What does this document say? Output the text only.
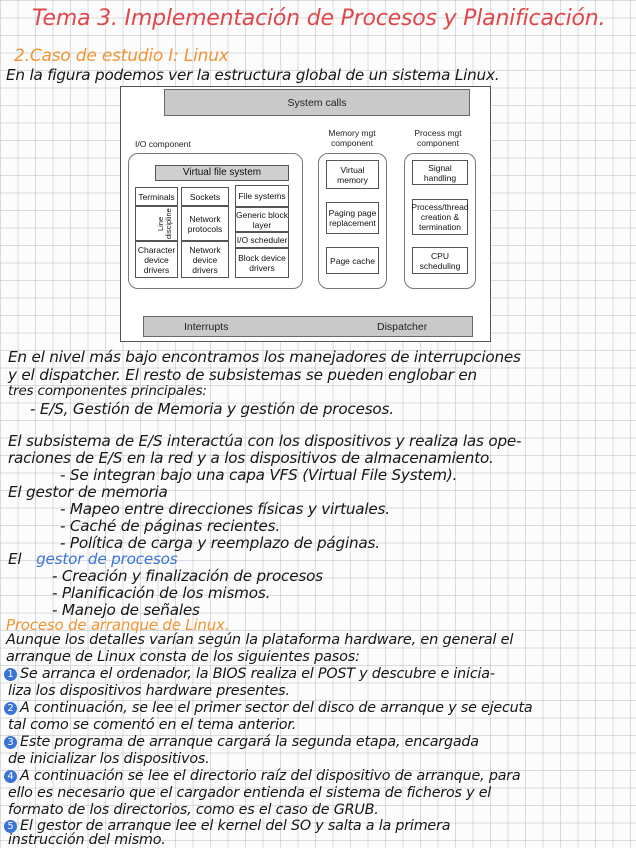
Tema 3. Implementación de Procesos y Planificación.
2.Caso de estudio I: Linux
En la figura podemos ver la estructura global de un sistema Linux.
System calls
I/O component
Memory mgt component
Process mgt component
Virtual file system
Terminals
Line discipline
Character device drivers
Sockets
Network protocols
Network device drivers
File systems
Generic block layer
I/O scheduler
Block device drivers
Virtual memory
Paging page replacement
Page cache
Signal handling
Process/thread creation & termination
CPU scheduling
Interrupts	Dispatcher
En el nivel más bajo encontramos los manejadores de interrupciones
y el dispatcher. El resto de subsistemas se pueden englobar en
tres componentes principales:
- E/S, Gestión de Memoria y gestión de procesos.
El subsistema de E/S interactúa con los dispositivos y realiza las ope-
raciones de E/S en la red y a los dispositivos de almacenamiento.
- Se integran bajo una capa VFS (Virtual File System).
El gestor de memoria
- Mapeo entre direcciones físicas y virtuales.
- Caché de páginas recientes.
- Política de carga y reemplazo de páginas.
El gestor de procesos
- Creación y finalización de procesos
- Planificación de los mismos.
- Manejo de señales
Proceso de arranque de Linux.
Aunque los detalles varían según la plataforma hardware, en general el
arranque de Linux consta de los siguientes pasos:
1 Se arranca el ordenador, la BIOS realiza el POST y descubre e inicia-
liza los dispositivos hardware presentes.
2 A continuación, se lee el primer sector del disco de arranque y se ejecuta
tal como se comentó en el tema anterior.
3 Este programa de arranque cargará la segunda etapa, encargada
de inicializar los dispositivos.
4 A continuación se lee el directorio raíz del dispositivo de arranque, para
ello es necesario que el cargador entienda el sistema de ficheros y el
formato de los directorios, como es el caso de GRUB.
5 El gestor de arranque lee el kernel del SO y salta a la primera
instrucción del mismo.
